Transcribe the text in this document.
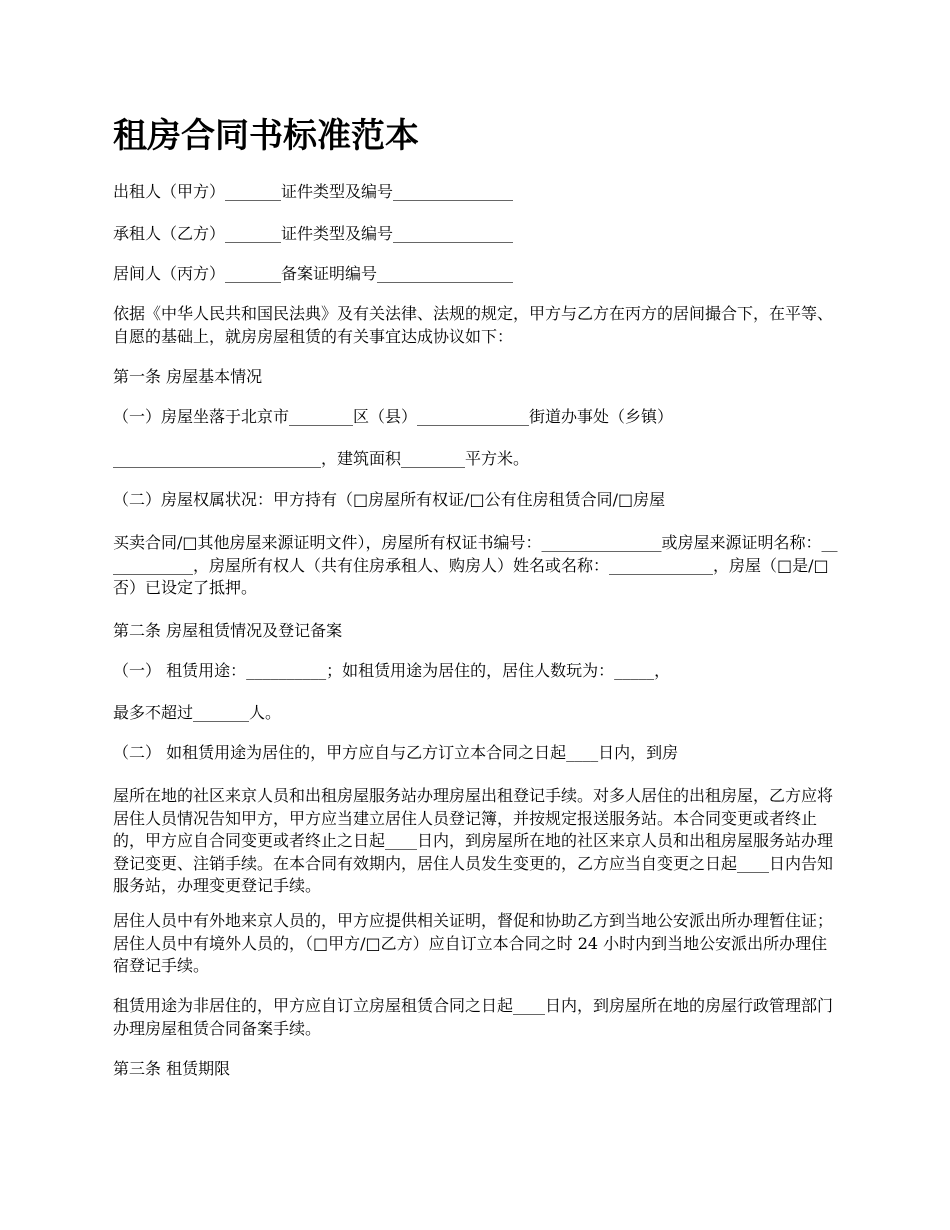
租房合同书标准范本

出租人（甲方）_______证件类型及编号_______________

承租人（乙方）_______证件类型及编号_______________

居间人（丙方）_______备案证明编号_________________

依据《中华人民共和国民法典》及有关法律、法规的规定，甲方与乙方在丙方的居间撮合下，在平等、自愿的基础上，就房房屋租赁的有关事宜达成协议如下：

第一条 房屋基本情况

（一）房屋坐落于北京市________区（县）______________街道办事处（乡镇）

__________________________，建筑面积________平方米。

（二）房屋权属状况：甲方持有（□房屋所有权证/□公有住房租赁合同/□房屋

买卖合同/□其他房屋来源证明文件），房屋所有权证书编号：_______________或房屋来源证明名称：____________，房屋所有权人（共有住房承租人、购房人）姓名或名称：_____________，房屋（□是/□否）已设定了抵押。

第二条 房屋租赁情况及登记备案

（一） 租赁用途：__________；如租赁用途为居住的，居住人数玩为：_____，

最多不超过_______人。

（二） 如租赁用途为居住的，甲方应自与乙方订立本合同之日起____日内，到房

屋所在地的社区来京人员和出租房屋服务站办理房屋出租登记手续。对多人居住的出租房屋，乙方应将居住人员情况告知甲方，甲方应当建立居住人员登记簿，并按规定报送服务站。本合同变更或者终止的，甲方应自合同变更或者终止之日起____日内，到房屋所在地的社区来京人员和出租房屋服务站办理登记变更、注销手续。在本合同有效期内，居住人员发生变更的，乙方应当自变更之日起____日内告知服务站，办理变更登记手续。

居住人员中有外地来京人员的，甲方应提供相关证明，督促和协助乙方到当地公安派出所办理暂住证；居住人员中有境外人员的，（□甲方/□乙方）应自订立本合同之时 24 小时内到当地公安派出所办理住宿登记手续。

租赁用途为非居住的，甲方应自订立房屋租赁合同之日起____日内，到房屋所在地的房屋行政管理部门办理房屋租赁合同备案手续。

第三条 租赁期限
